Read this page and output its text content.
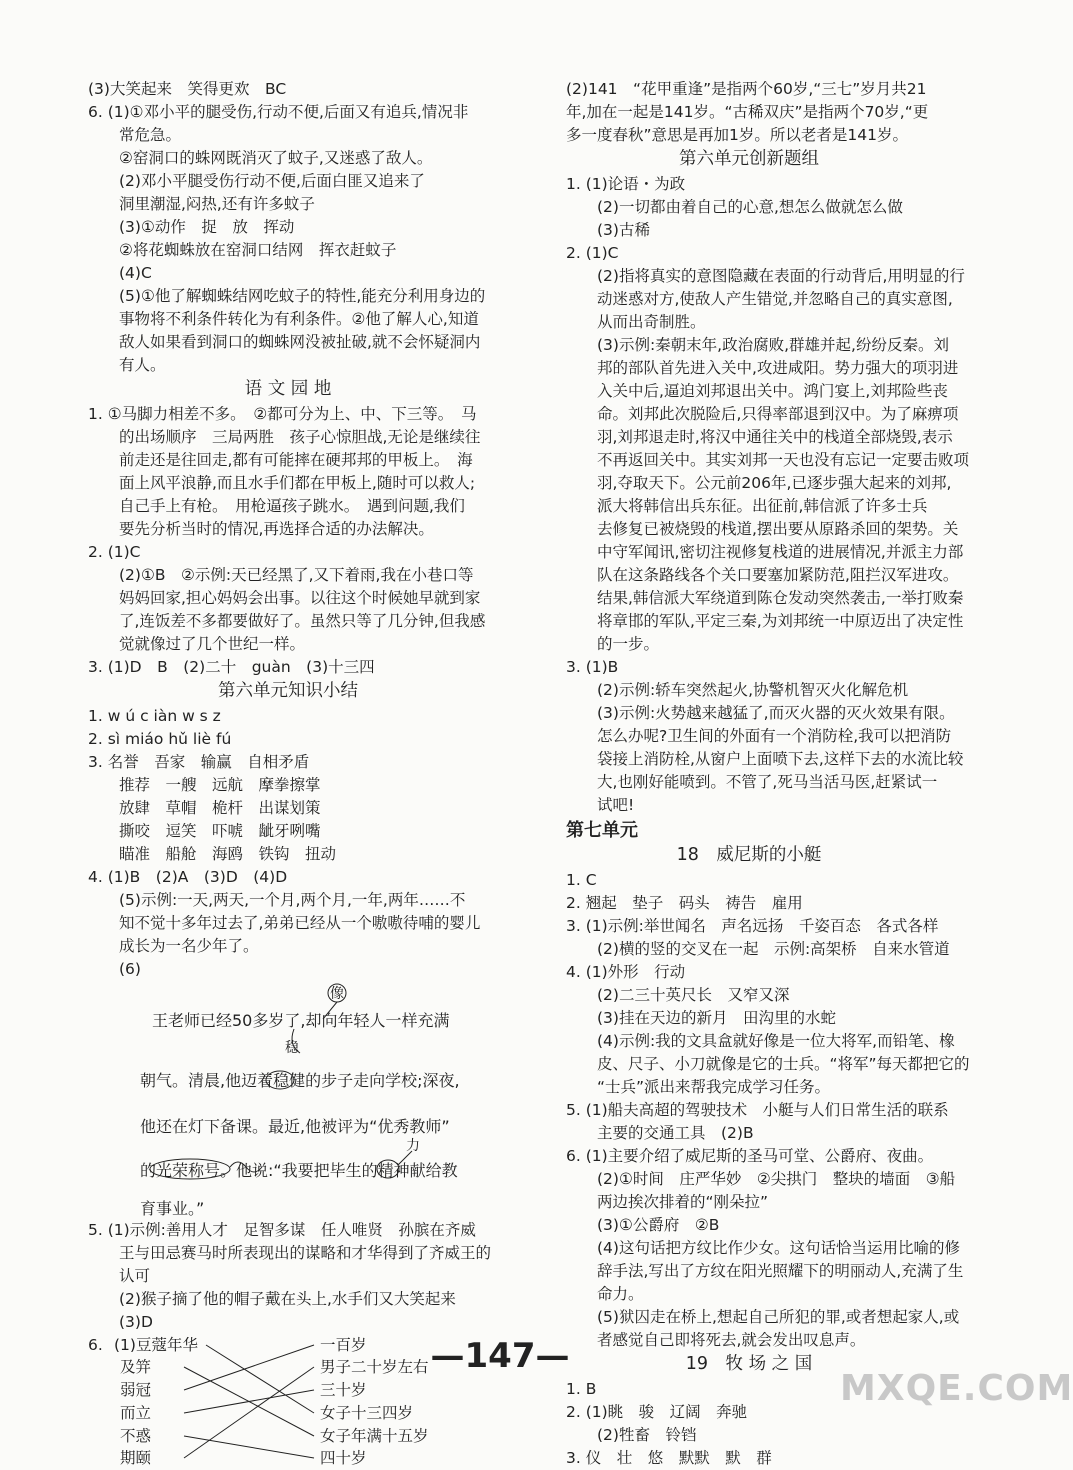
(3)大笑起来　笑得更欢　BC
6. (1)①邓小平的腿受伤,行动不便,后面又有追兵,情况非
　　常危急。
　　②窑洞口的蛛网既消灭了蚊子,又迷惑了敌人。
　　(2)邓小平腿受伤行动不便,后面白匪又追来了
　　洞里潮湿,闷热,还有许多蚊子
　　(3)①动作　捉　放　挥动
　　②将花蜘蛛放在窑洞口结网　挥衣赶蚊子
　　(4)C
　　(5)①他了解蜘蛛结网吃蚊子的特性,能充分利用身边的
　　事物将不利条件转化为有利条件。②他了解人心,知道
　　敌人如果看到洞口的蜘蛛网没被扯破,就不会怀疑洞内
　　有人。
语 文 园 地
1. ①马脚力相差不多。　②都可分为上、中、下三等。　马
　　的出场顺序　三局两胜　孩子心惊胆战,无论是继续往
　　前走还是往回走,都有可能摔在硬邦邦的甲板上。　海
　　面上风平浪静,而且水手们都在甲板上,随时可以救人;
　　自己手上有枪。　用枪逼孩子跳水。　遇到问题,我们
　　要先分析当时的情况,再选择合适的办法解决。
2. (1)C
　　(2)①B　②示例:天已经黑了,又下着雨,我在小巷口等
　　妈妈回家,担心妈妈会出事。以往这个时候她早就到家
　　了,连饭差不多都要做好了。虽然只等了几分钟,但我感
　　觉就像过了几个世纪一样。
3. (1)D　B　(2)二十　guàn　(3)十三四
第六单元知识小结
1. w ú c iàn w s z
2. sì miáo hǔ liè fú
3. 名誉　吾家　输赢　自相矛盾
　　推荐　一艘　远航　摩拳擦掌
　　放肆　草帽　桅杆　出谋划策
　　撕咬　逗笑　吓唬　龇牙咧嘴
　　瞄准　船舱　海鸥　铁钩　扭动
4. (1)B　(2)A　(3)D　(4)D
　　(5)示例:一天,两天,一个月,两个月,一年,两年……不
　　知不觉十多年过去了,弟弟已经从一个嗷嗷待哺的婴儿
　　成长为一名少年了。
　　(6)
像
稳
力
王老师已经50多岁了,却向年轻人一样充满
朝气。清晨,他迈着稳健的步子走向学校;深夜,
他还在灯下备课。最近,他被评为“优秀教师”
的光荣称号。他说:“我要把毕生的精神献给教
育事业。”
5. (1)示例:善用人才　足智多谋　任人唯贤　孙膑在齐威
　　王与田忌赛马时所表现出的谋略和才华得到了齐威王的
　　认可
　　(2)猴子摘了他的帽子戴在头上,水手们又大笑起来
　　(3)D
6. (1)豆蔻年华
及笄
弱冠
而立
不惑
期颐
一百岁
男子二十岁左右
三十岁
女子十三四岁
女子年满十五岁
四十岁
(2)141　“花甲重逢”是指两个60岁,“三七”岁月共21
年,加在一起是141岁。“古稀双庆”是指两个70岁,“更
多一度春秋”意思是再加1岁。所以老者是141岁。
第六单元创新题组
1. (1)论语・为政
　　(2)一切都由着自己的心意,想怎么做就怎么做
　　(3)古稀
2. (1)C
　　(2)指将真实的意图隐藏在表面的行动背后,用明显的行
　　动迷惑对方,使敌人产生错觉,并忽略自己的真实意图,
　　从而出奇制胜。
　　(3)示例:秦朝末年,政治腐败,群雄并起,纷纷反秦。刘
　　邦的部队首先进入关中,攻进咸阳。势力强大的项羽进
　　入关中后,逼迫刘邦退出关中。鸿门宴上,刘邦险些丧
　　命。刘邦此次脱险后,只得率部退到汉中。为了麻痹项
　　羽,刘邦退走时,将汉中通往关中的栈道全部烧毁,表示
　　不再返回关中。其实刘邦一天也没有忘记一定要击败项
　　羽,夺取天下。公元前206年,已逐步强大起来的刘邦,
　　派大将韩信出兵东征。出征前,韩信派了许多士兵
　　去修复已被烧毁的栈道,摆出要从原路杀回的架势。关
　　中守军闻讯,密切注视修复栈道的进展情况,并派主力部
　　队在这条路线各个关口要塞加紧防范,阻拦汉军进攻。
　　结果,韩信派大军绕道到陈仓发动突然袭击,一举打败秦
　　将章邯的军队,平定三秦,为刘邦统一中原迈出了决定性
　　的一步。
3. (1)B
　　(2)示例:轿车突然起火,协警机智灭火化解危机
　　(3)示例:火势越来越猛了,而灭火器的灭火效果有限。
　　怎么办呢?卫生间的外面有一个消防栓,我可以把消防
　　袋接上消防栓,从窗户上面喷下去,这样下去的水流比较
　　大,也刚好能喷到。不管了,死马当活马医,赶紧试一
　　试吧!
第七单元
18　威尼斯的小艇
1. C
2. 翘起　垫子　码头　祷告　雇用
3. (1)示例:举世闻名　声名远扬　千姿百态　各式各样
　　(2)横的竖的交叉在一起　示例:高架桥　自来水管道
4. (1)外形　行动
　　(2)二三十英尺长　又窄又深
　　(3)挂在天边的新月　田沟里的水蛇
　　(4)示例:我的文具盒就好像是一位大将军,而铅笔、橡
　　皮、尺子、小刀就像是它的士兵。“将军”每天都把它的
　　“士兵”派出来帮我完成学习任务。
5. (1)船夫高超的驾驶技术　小艇与人们日常生活的联系
　　主要的交通工具　(2)B
6. (1)主要介绍了威尼斯的圣马可堂、公爵府、夜曲。
　　(2)①时间　庄严华妙　②尖拱门　整块的墙面　③船
　　两边挨次排着的“刚朵拉”
　　(3)①公爵府　②B
　　(4)这句话把方纹比作少女。这句话恰当运用比喻的修
　　辞手法,写出了方纹在阳光照耀下的明丽动人,充满了生
　　命力。
　　(5)狱囚走在桥上,想起自己所犯的罪,或者想起家人,或
　　者感觉自己即将死去,就会发出叹息声。
19　牧 场 之 国
1. B
2. (1)眺　骏　辽阔　奔驰
　　(2)牲畜　铃铛
3. 仪　壮　悠　默默　默　群
—147—
MXQE.COM
